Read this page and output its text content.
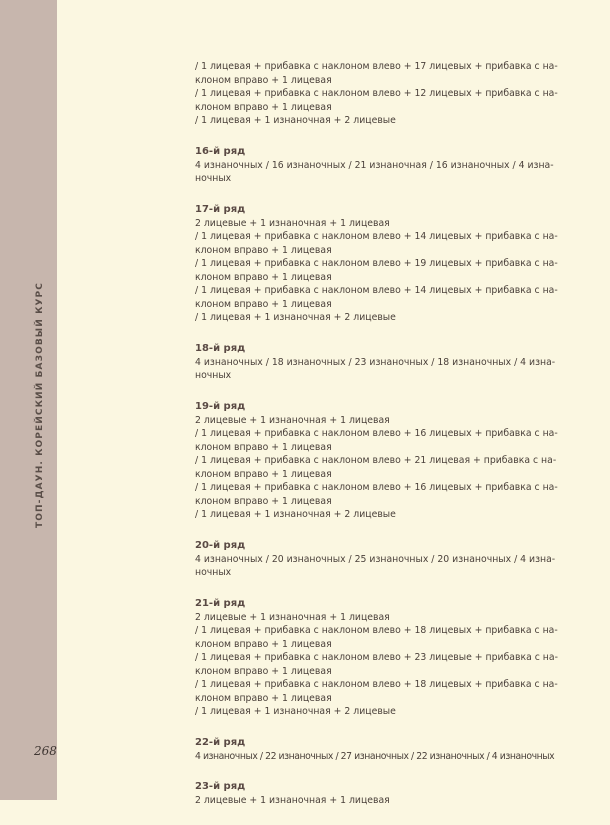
ТОП-ДАУН. КОРЕЙСКИЙ БАЗОВЫЙ КУРС
268
/ 1 лицевая + прибавка с наклоном влево + 17 лицевых + прибавка с на-
клоном вправо + 1 лицевая
/ 1 лицевая + прибавка с наклоном влево + 12 лицевых + прибавка с на-
клоном вправо + 1 лицевая
/ 1 лицевая + 1 изнаночная + 2 лицевые
16-й ряд
4 изнаночных / 16 изнаночных / 21 изнаночная / 16 изнаночных / 4 изна-
ночных
17-й ряд
2 лицевые + 1 изнаночная + 1 лицевая
/ 1 лицевая + прибавка с наклоном влево + 14 лицевых + прибавка с на-
клоном вправо + 1 лицевая
/ 1 лицевая + прибавка с наклоном влево + 19 лицевых + прибавка с на-
клоном вправо + 1 лицевая
/ 1 лицевая + прибавка с наклоном влево + 14 лицевых + прибавка с на-
клоном вправо + 1 лицевая
/ 1 лицевая + 1 изнаночная + 2 лицевые
18-й ряд
4 изнаночных / 18 изнаночных / 23 изнаночных / 18 изнаночных / 4 изна-
ночных
19-й ряд
2 лицевые + 1 изнаночная + 1 лицевая
/ 1 лицевая + прибавка с наклоном влево + 16 лицевых + прибавка с на-
клоном вправо + 1 лицевая
/ 1 лицевая + прибавка с наклоном влево + 21 лицевая + прибавка с на-
клоном вправо + 1 лицевая
/ 1 лицевая + прибавка с наклоном влево + 16 лицевых + прибавка с на-
клоном вправо + 1 лицевая
/ 1 лицевая + 1 изнаночная + 2 лицевые
20-й ряд
4 изнаночных / 20 изнаночных / 25 изнаночных / 20 изнаночных / 4 изна-
ночных
21-й ряд
2 лицевые + 1 изнаночная + 1 лицевая
/ 1 лицевая + прибавка с наклоном влево + 18 лицевых + прибавка с на-
клоном вправо + 1 лицевая
/ 1 лицевая + прибавка с наклоном влево + 23 лицевые + прибавка с на-
клоном вправо + 1 лицевая
/ 1 лицевая + прибавка с наклоном влево + 18 лицевых + прибавка с на-
клоном вправо + 1 лицевая
/ 1 лицевая + 1 изнаночная + 2 лицевые
22-й ряд
4 изнаночных / 22 изнаночных / 27 изнаночных / 22 изнаночных / 4 изнаночных
23-й ряд
2 лицевые + 1 изнаночная + 1 лицевая
